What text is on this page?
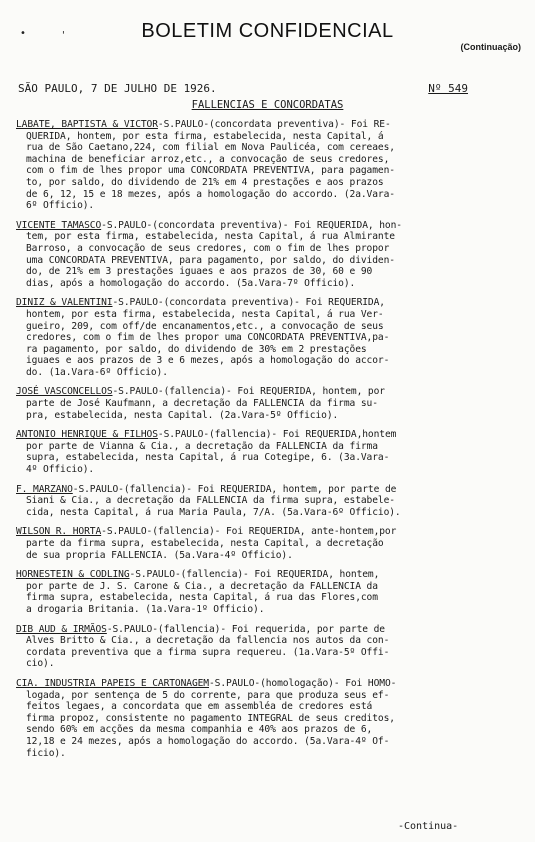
•	'	BOLETIM CONFIDENCIAL
(Continuação)
SÃO PAULO, 7 DE JULHO DE 1926.	Nº 549
FALLENCIAS E CONCORDATAS

LABATE, BAPTISTA & VICTOR-S.PAULO-(concordata preventiva)- Foi RE-

QUERIDA, hontem, por esta firma, estabelecida, nesta Capital, á

rua de São Caetano,224, com filial em Nova Paulicéa, com cereaes,

machina de beneficiar arroz,etc., a convocação de seus credores,

com o fim de lhes propor uma CONCORDATA PREVENTIVA, para pagamen-

to, por saldo, do dividendo de 21% em 4 prestações e aos prazos

de 6, 12, 15 e 18 mezes, após a homologação do accordo. (2a.Vara-

6º Officio).

VICENTE TAMASCO-S.PAULO-(concordata preventiva)- Foi REQUERIDA, hon-

tem, por esta firma, estabelecida, nesta Capital, á rua Almirante

Barroso, a convocação de seus credores, com o fim de lhes propor

uma CONCORDATA PREVENTIVA, para pagamento, por saldo, do dividen-

do, de 21% em 3 prestações iguaes e aos prazos de 30, 60 e 90

dias, após a homologação do accordo. (5a.Vara-7º Officio).

DINIZ & VALENTINI-S.PAULO-(concordata preventiva)- Foi REQUERIDA,

hontem, por esta firma, estabelecida, nesta Capital, á rua Ver-

gueiro, 209, com off/de encanamentos,etc., a convocação de seus

credores, com o fim de lhes propor uma CONCORDATA PREVENTIVA,pa-

ra pagamento, por saldo, do dividendo de 30% em 2 prestações

iguaes e aos prazos de 3 e 6 mezes, após a homologação do accor-

do. (1a.Vara-6º Officio).

JOSÉ VASCONCELLOS-S.PAULO-(fallencia)- Foi REQUERIDA, hontem, por

parte de José Kaufmann, a decretação da FALLENCIA da firma su-

pra, estabelecida, nesta Capital. (2a.Vara-5º Officio).

ANTONIO HENRIQUE & FILHOS-S.PAULO-(fallencia)- Foi REQUERIDA,hontem

por parte de Vianna & Cia., a decretação da FALLENCIA da firma

supra, estabelecida, nesta Capital, á rua Cotegipe, 6. (3a.Vara-

4º Officio).

F. MARZANO-S.PAULO-(fallencia)- Foi REQUERIDA, hontem, por parte de

Siani & Cia., a decretação da FALLENCIA da firma supra, estabele-

cida, nesta Capital, á rua Maria Paula, 7/A. (5a.Vara-6º Officio).

WILSON R. HORTA-S.PAULO-(fallencia)- Foi REQUERIDA, ante-hontem,por

parte da firma supra, estabelecida, nesta Capital, a decretação

de sua propria FALLENCIA. (5a.Vara-4º Officio).

HORNESTEIN & CODLING-S.PAULO-(fallencia)- Foi REQUERIDA, hontem,

por parte de J. S. Carone & Cia., a decretação da FALLENCIA da

firma supra, estabelecida, nesta Capital, á rua das Flores,com

a drogaria Britania. (1a.Vara-1º Officio).

DIB AUD & IRMÃOS-S.PAULO-(fallencia)- Foi requerida, por parte de

Alves Britto & Cia., a decretação da fallencia nos autos da con-

cordata preventiva que a firma supra requereu. (1a.Vara-5º Offi-

cio).

CIA. INDUSTRIA PAPEIS E CARTONAGEM-S.PAULO-(homologação)- Foi HOMO-

logada, por sentença de 5 do corrente, para que produza seus ef-

feitos legaes, a concordata que em assembléa de credores está

firma propoz, consistente no pagamento INTEGRAL de seus creditos,

sendo 60% em acções da mesma companhia e 40% aos prazos de 6,

12,18 e 24 mezes, após a homologação do accordo. (5a.Vara-4º Of-

ficio).

-Continua-
